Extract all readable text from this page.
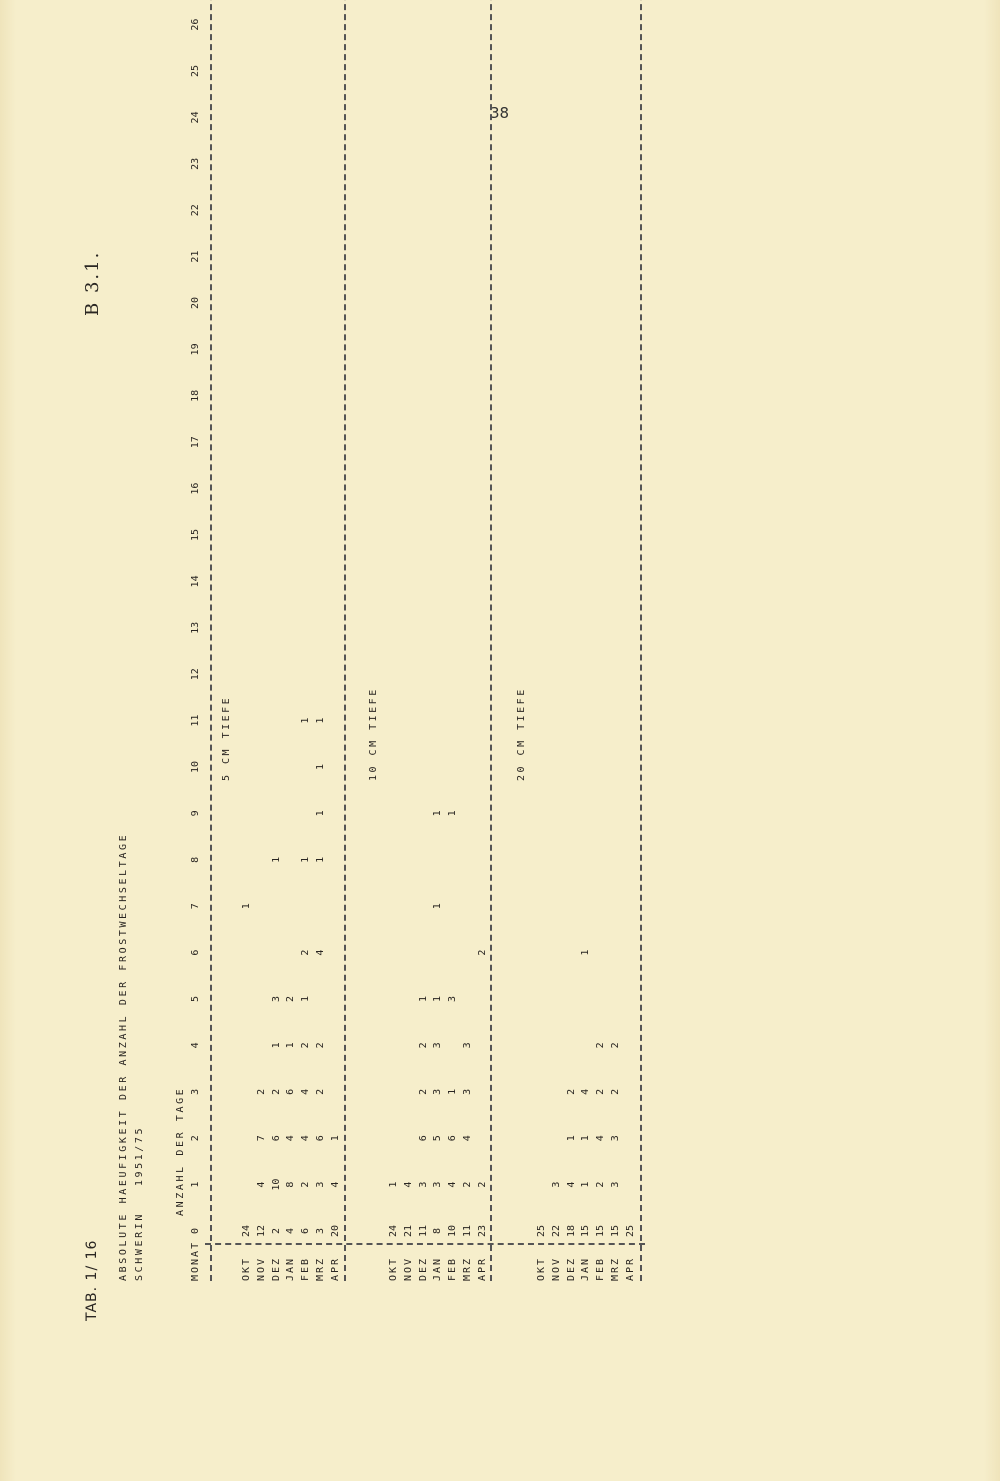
38
B 3.1.
TAB. 1/ 16 ABSOLUTE HAEUFIGKEIT DER ANZAHL DER FROSTWECHSELTAGE SCHWERIN   1951/75	ANZAHL DER TAGE
MONAT
0
1
2
3
4
5
6
7
8
9
10
11
12
13
14
15
16
17
18
19
20
21
22
23
24
25
26
5 CM TIEFE
OKT
24
1
NOV
12
4
7
2
DEZ
2
10
6
2
1
3
1
JAN
4
8
4
6
1
2
FEB
6
2
4
4
2
1
2
1
1
MRZ
3
3
6
2
2
4
1
1
1
1
APR
20
4
1
10 CM TIEFE
OKT
24
1
NOV
21
4
DEZ
11
3
6
2
2
1
JAN
8
3
5
3
3
1
1
1
FEB
10
4
6
1
3
1
MRZ
11
2
4
3
3
APR
23
2
2
20 CM TIEFE
OKT
25
NOV
22
3
DEZ
18
4
1
2
JAN
15
1
1
4
1
FEB
15
2
4
2
2
MRZ
15
3
3
2
2
APR
25
